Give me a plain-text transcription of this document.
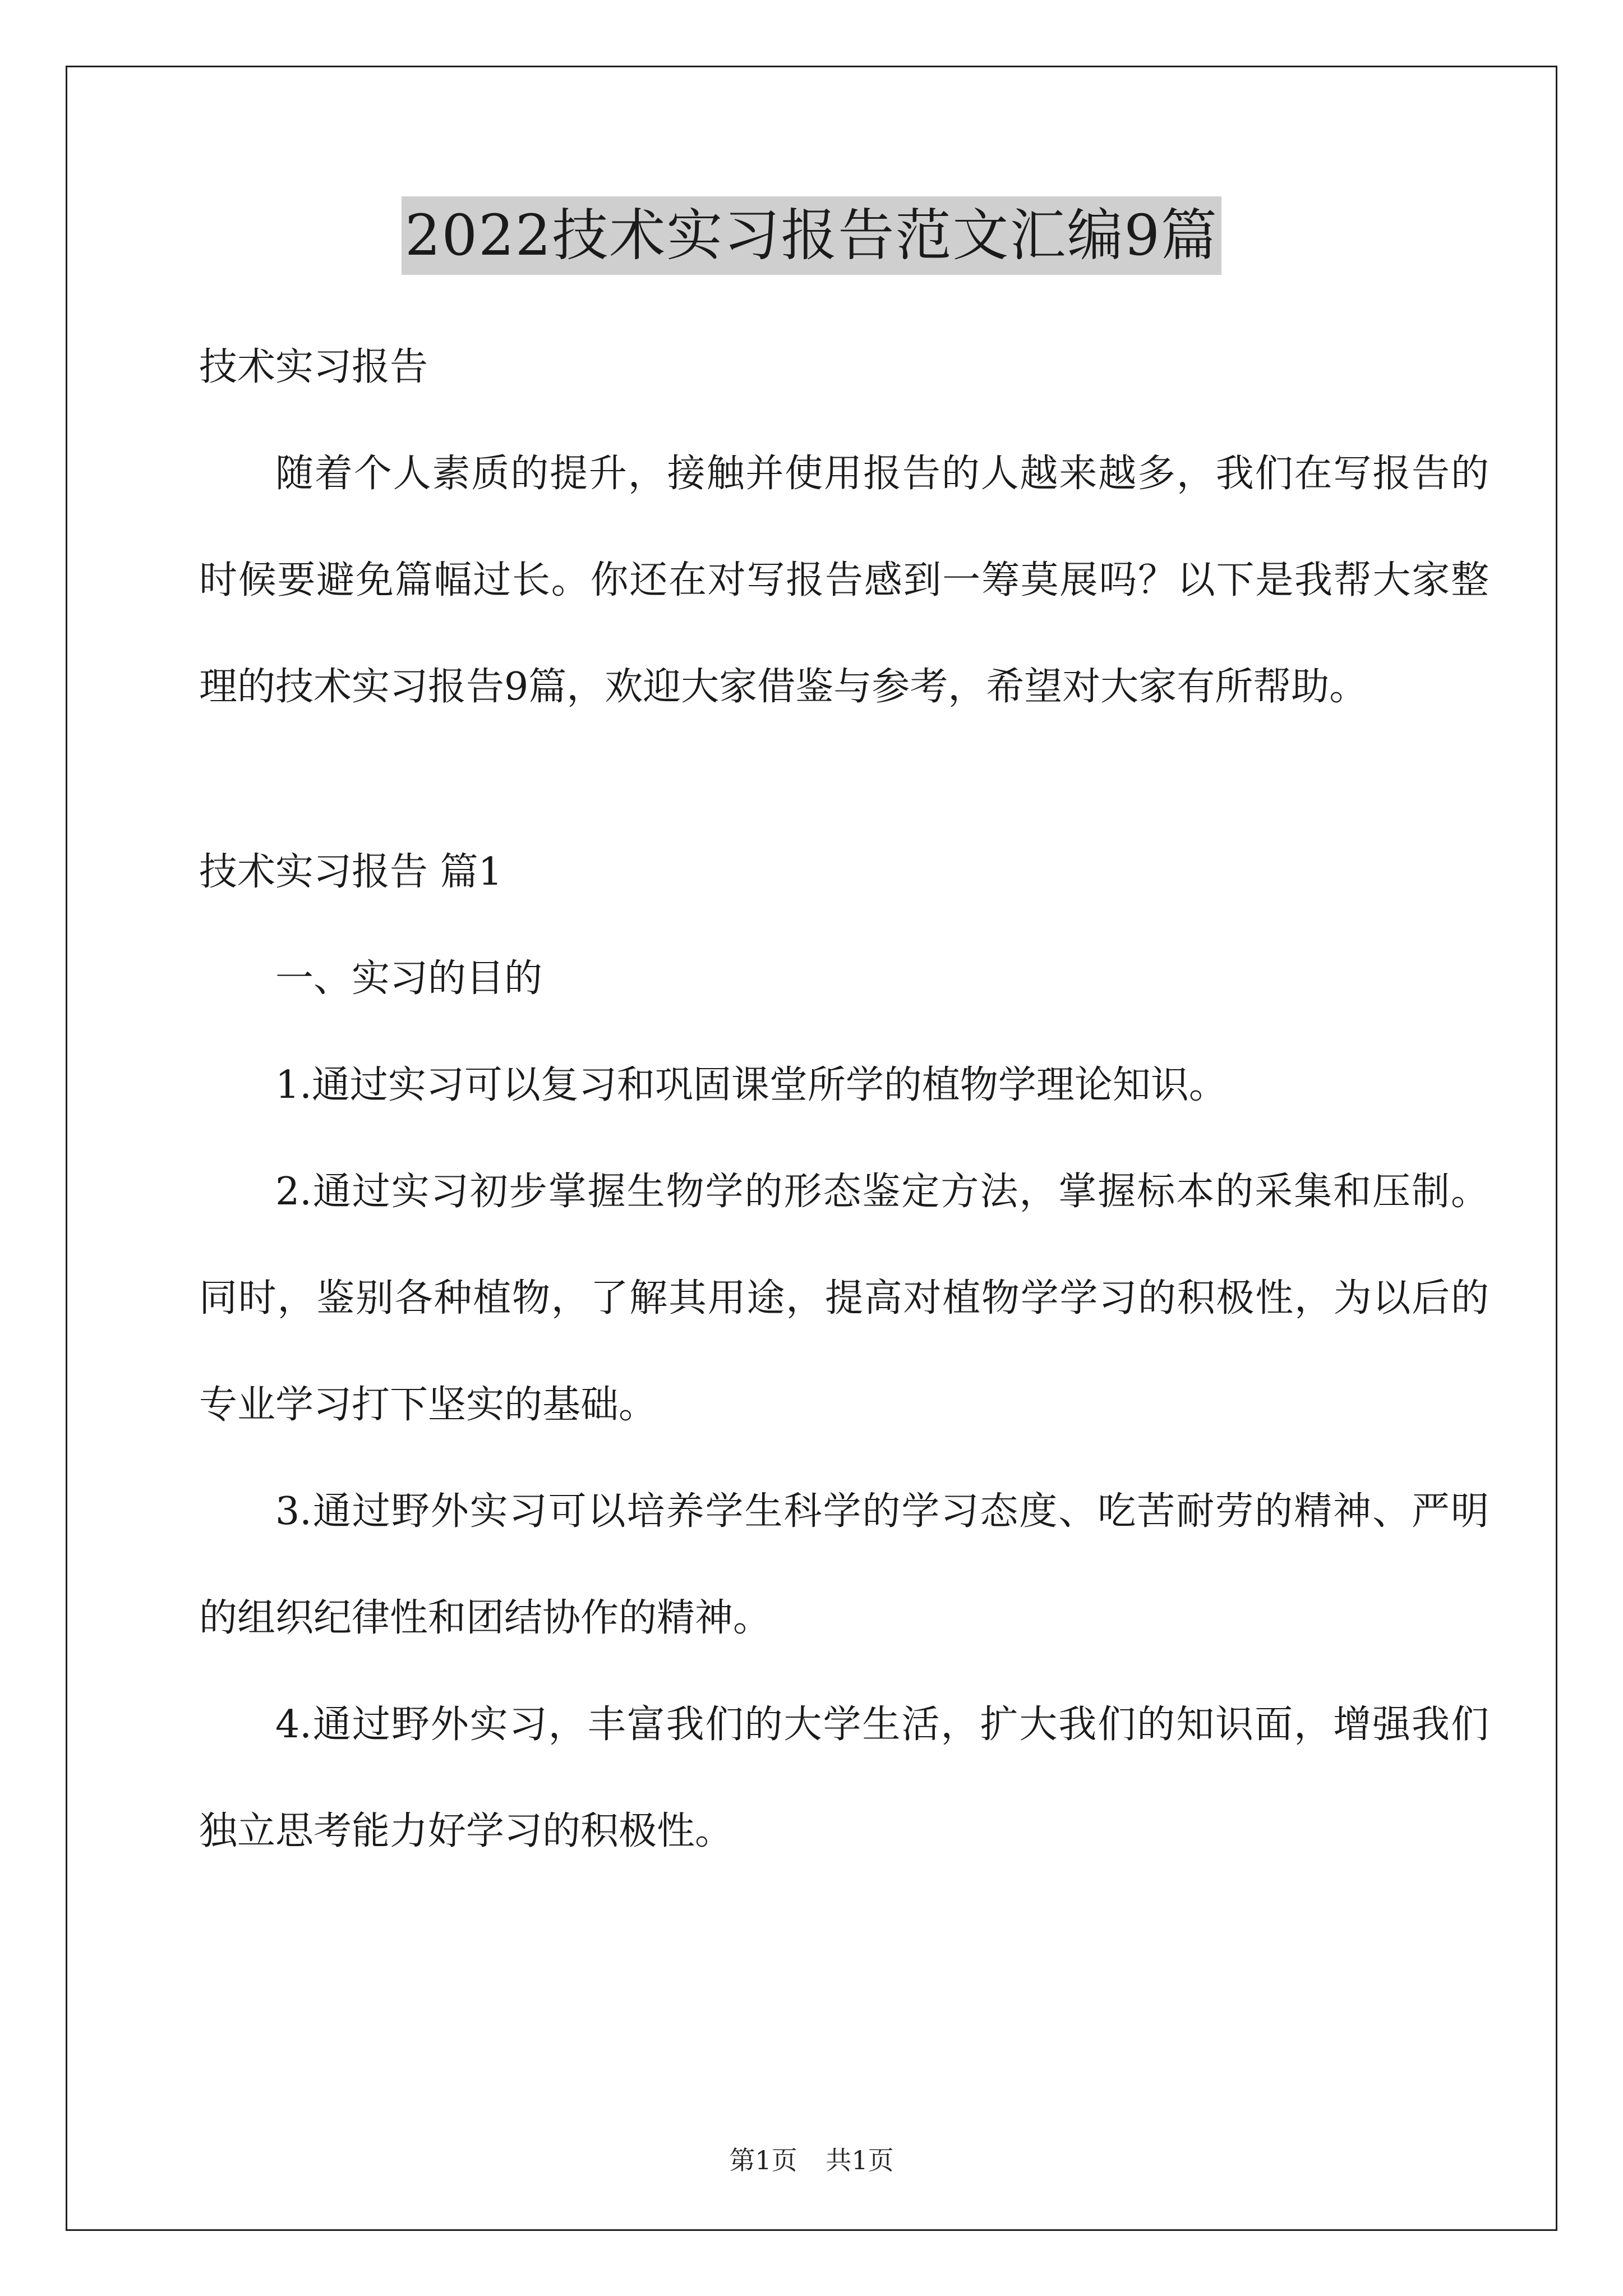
2022技术实习报告范文汇编9篇

技术实习报告

随着个人素质的提升，接触并使用报告的人越来越多，我们在写报告的时候要避免篇幅过长。你还在对写报告感到一筹莫展吗？以下是我帮大家整理的技术实习报告9篇，欢迎大家借鉴与参考，希望对大家有所帮助。

技术实习报告 篇1

一、实习的目的

1.通过实习可以复习和巩固课堂所学的植物学理论知识。

2.通过实习初步掌握生物学的形态鉴定方法，掌握标本的采集和压制。同时，鉴别各种植物，了解其用途，提高对植物学学习的积极性，为以后的专业学习打下坚实的基础。

3.通过野外实习可以培养学生科学的学习态度、吃苦耐劳的精神、严明的组织纪律性和团结协作的精神。

4.通过野外实习，丰富我们的大学生活，扩大我们的知识面，增强我们独立思考能力好学习的积极性。

第1页 共1页
